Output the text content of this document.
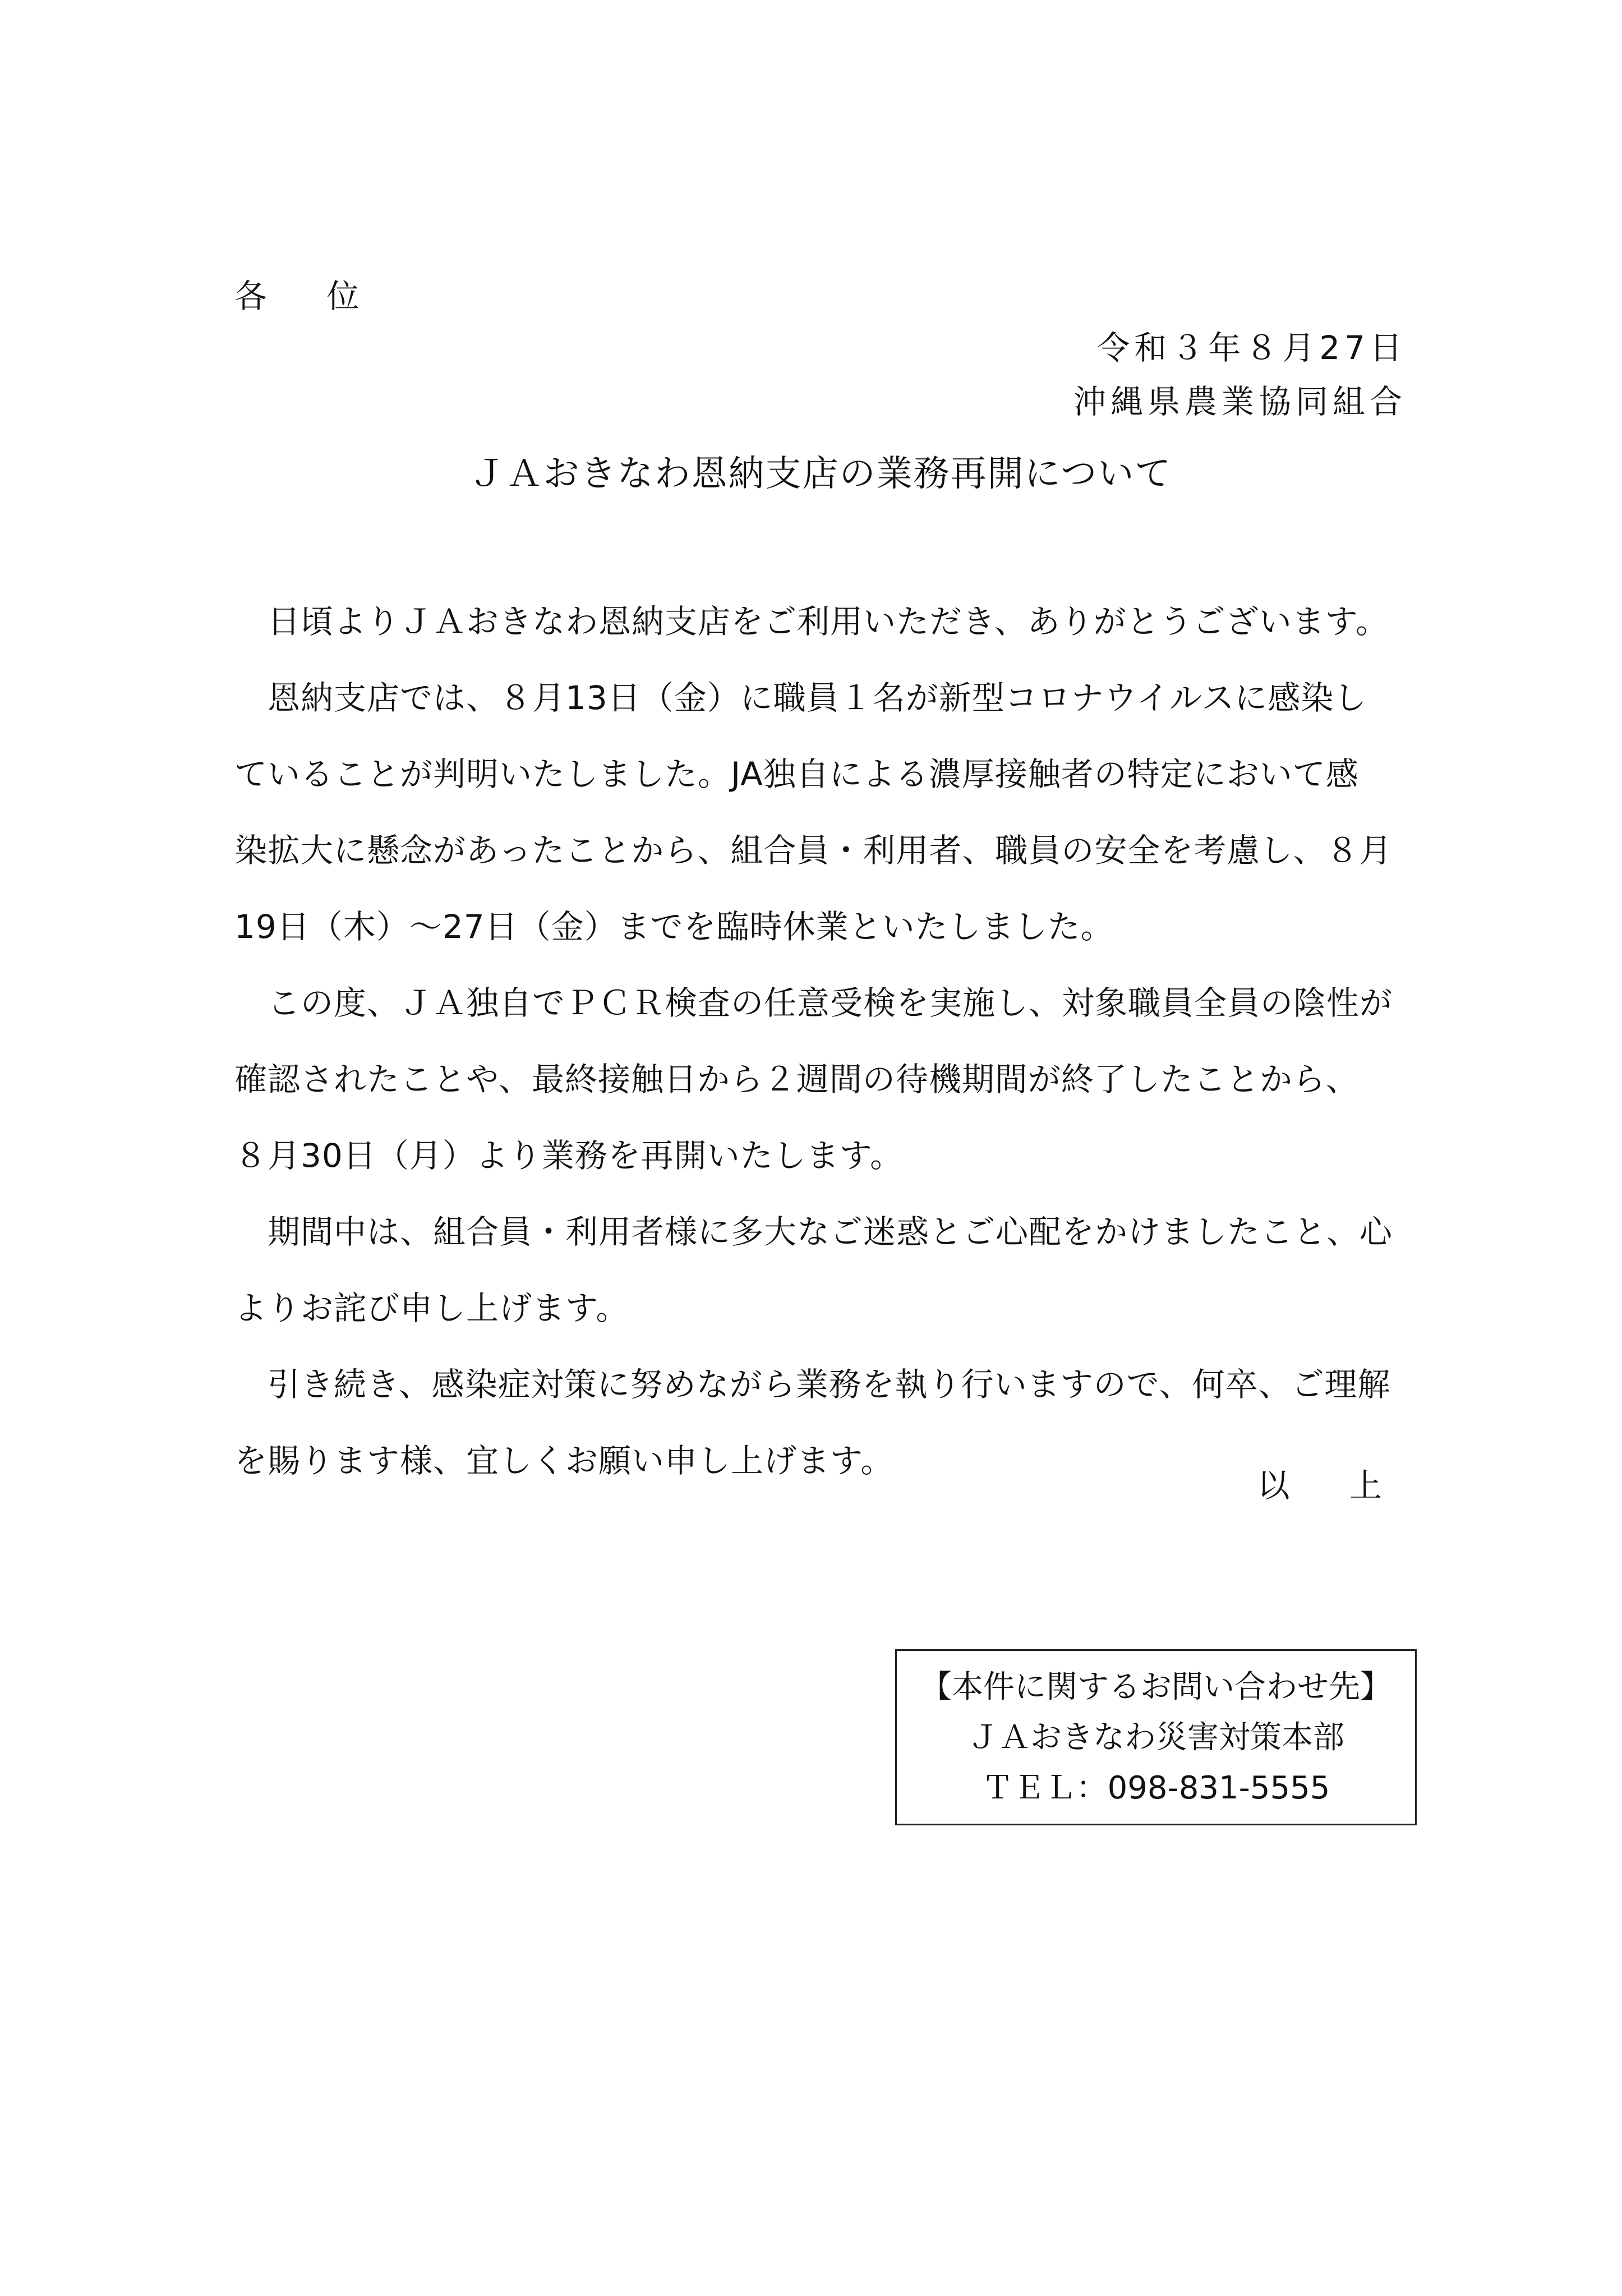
各 位
令和３年８月27日
沖縄県農業協同組合
ＪＡおきなわ恩納支店の業務再開について
　日頃よりＪＡおきなわ恩納支店をご利用いただき、ありがとうございます。
　恩納支店では、８月13日（金）に職員１名が新型コロナウイルスに感染し
ていることが判明いたしました。JA独自による濃厚接触者の特定において感
染拡大に懸念があったことから、組合員・利用者、職員の安全を考慮し、８月
19日（木）～27日（金）までを臨時休業といたしました。
　この度、ＪＡ独自でＰＣＲ検査の任意受検を実施し、対象職員全員の陰性が
確認されたことや、最終接触日から２週間の待機期間が終了したことから、
８月30日（月）より業務を再開いたします。
　期間中は、組合員・利用者様に多大なご迷惑とご心配をかけましたこと、心
よりお詫び申し上げます。
　引き続き、感染症対策に努めながら業務を執り行いますので、何卒、ご理解
を賜ります様、宜しくお願い申し上げます。
以 上
【本件に関するお問い合わせ先】
ＪＡおきなわ災害対策本部
ＴＥＬ：098-831-5555
